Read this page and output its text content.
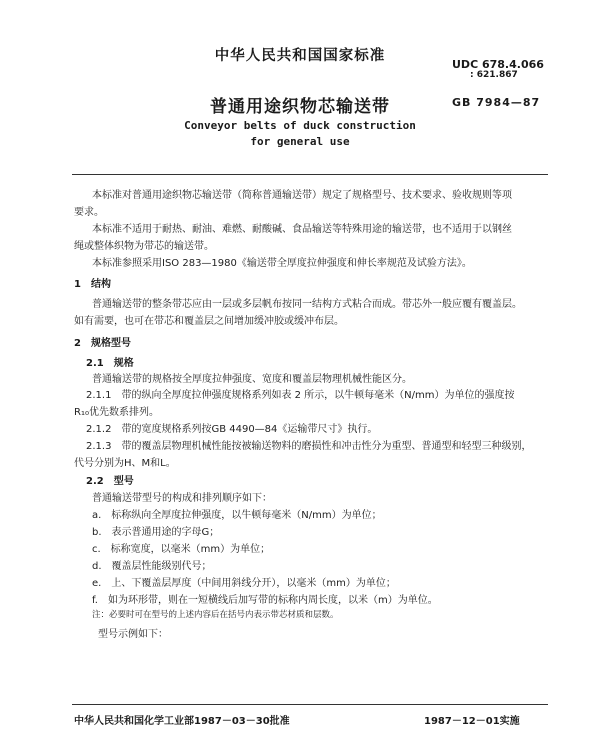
中华人民共和国国家标准
UDC 678.4.066
: 621.867
GB 7984—87
普通用途织物芯输送带
Conveyor belts of duck construction
for general use
本标准对普通用途织物芯输送带（简称普通输送带）规定了规格型号、技术要求、验收规则等项
要求。
本标准不适用于耐热、耐油、难燃、耐酸碱、食品输送等特殊用途的输送带，也不适用于以钢丝
绳或整体织物为带芯的输送带。
本标准参照采用ISO 283—1980《输送带全厚度拉伸强度和伸长率规范及试验方法》。
1　结构
普通输送带的整条带芯应由一层或多层帆布按同一结构方式粘合而成。带芯外一般应覆有覆盖层。
如有需要，也可在带芯和覆盖层之间增加缓冲胶或缓冲布层。
2　规格型号
2.1　规格
普通输送带的规格按全厚度拉伸强度、宽度和覆盖层物理机械性能区分。
2.1.1　带的纵向全厚度拉伸强度规格系列如表 2 所示，以牛顿每毫米（N/mm）为单位的强度按
R₁₀优先数系排列。
2.1.2　带的宽度规格系列按GB 4490—84《运输带尺寸》执行。
2.1.3　带的覆盖层物理机械性能按被输送物料的磨损性和冲击性分为重型、普通型和轻型三种级别，
代号分别为H、M和L。
2.2　型号
普通输送带型号的构成和排列顺序如下：
a.　标称纵向全厚度拉伸强度，以牛顿每毫米（N/mm）为单位；
b.　表示普通用途的字母G；
c.　标称宽度，以毫米（mm）为单位；
d.　覆盖层性能级别代号；
e.　上、下覆盖层厚度（中间用斜线分开），以毫米（mm）为单位；
f.　如为环形带，则在一短横线后加写带的标称内周长度，以米（m）为单位。
注：必要时可在型号的上述内容后在括号内表示带芯材质和层数。
型号示例如下：
中华人民共和国化学工业部1987－03－30批准	1987－12－01实施
